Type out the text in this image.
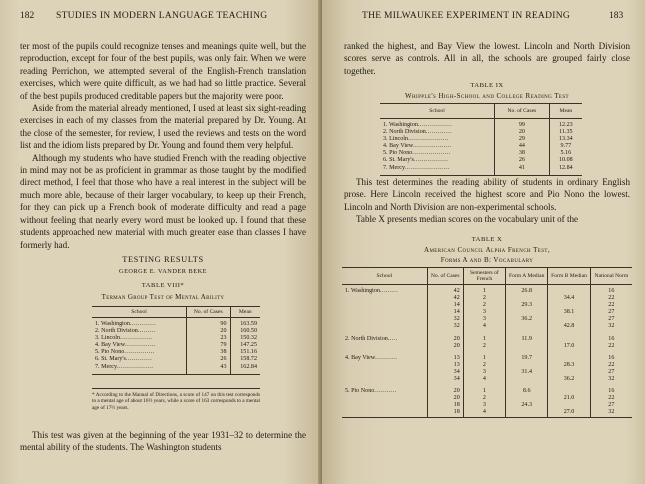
182 STUDIES IN MODERN LANGUAGE TEACHING

ter most of the pupils could recognize tenses and meanings quite well, but the reproduction, except for four of the best pupils, was only fair. When we were reading Perrichon, we attempted several of the English-French translation exercises, which were quite difficult, as we had had so little practice. Several of the best pupils produced creditable papers but the majority were poor.

Aside from the material already mentioned, I used at least six sight-reading exercises in each of my classes from the material prepared by Dr. Young. At the close of the semester, for review, I used the reviews and tests on the word list and the idiom lists prepared by Dr. Young and found them very helpful.

Although my students who have studied French with the reading objective in mind may not be as proficient in grammar as those taught by the modified direct method, I feel that those who have a real interest in the subject will be much more able, because of their larger vocabulary, to keep up their French, for they can pick up a French book of moderate difficulty and read a page without feeling that nearly every word must be looked up. I found that these students approached new material with much greater ease than classes I have formerly had.

TESTING RESULTS
GEORGE E. VANDER BEKE
TABLE VIII*
Terman Group Test of Mental Ability
School	No. of Cases	Mean
1. Washington.............	90	163.59
2. North Division.........	20	160.50
3. Lincoln................	23	150.32
4. Bay View...............	79	147.25
5. Pio Nono...............	38	151.16
6. St. Mary's.............	26	158.72
7. Mercy..................	43	162.84
* According to the Manual of Directions, a score of 147 on this test corresponds to a mental age of about 16½ years, while a score of 163 corresponds to a mental age of 17½ years.

This test was given at the beginning of the year 1931–32 to determine the mental ability of the students. The Washington students

THE MILWAUKEE EXPERIMENT IN READING	183

ranked the highest, and Bay View the lowest. Lincoln and North Division scores serve as controls. All in all, the schools are grouped fairly close together.

TABLE IX
Whipple's High-School and College Reading Test
School	No. of Cases	Mean
1. Washington.................	99	12.23
2. North Division.............	20	11.35
3. Lincoln....................	29	13.34
4. Bay View...................	44	9.77
5. Pio Nono...................	38	5.16
6. St. Mary's.................	26	10.08
7. Mercy......................	41	12.84

This test determines the reading ability of students in ordinary English prose. Here Lincoln received the highest score and Pio Nono the lowest. Lincoln and North Division are non-experimental schools.

Table X presents median scores on the vocabulary unit of the

TABLE X
American Council Alpha French Test,
Forms A and B: Vocabulary
School	No. of Cases	Semesters of French	Form A Median	Form B Median	National Norm
1. Washington.........	42	1	26.8		16
	42	2		34.4	22
	14	2	29.3		22
	14	3		38.1	27
	32	3	36.2		27
	32	4		42.8	32
2. North Division.....	20	1	11.9		16
	20	2		17.0	22
4. Bay View...........	13	1	19.7		16
	13	2		28.3	22
	34	3	31.4		27
	34	4		36.2	32
5. Pio Nono...........	20	1	8.6		16
	20	2		21.0	22
	18	3	24.3		27
	18	4		27.0	32
